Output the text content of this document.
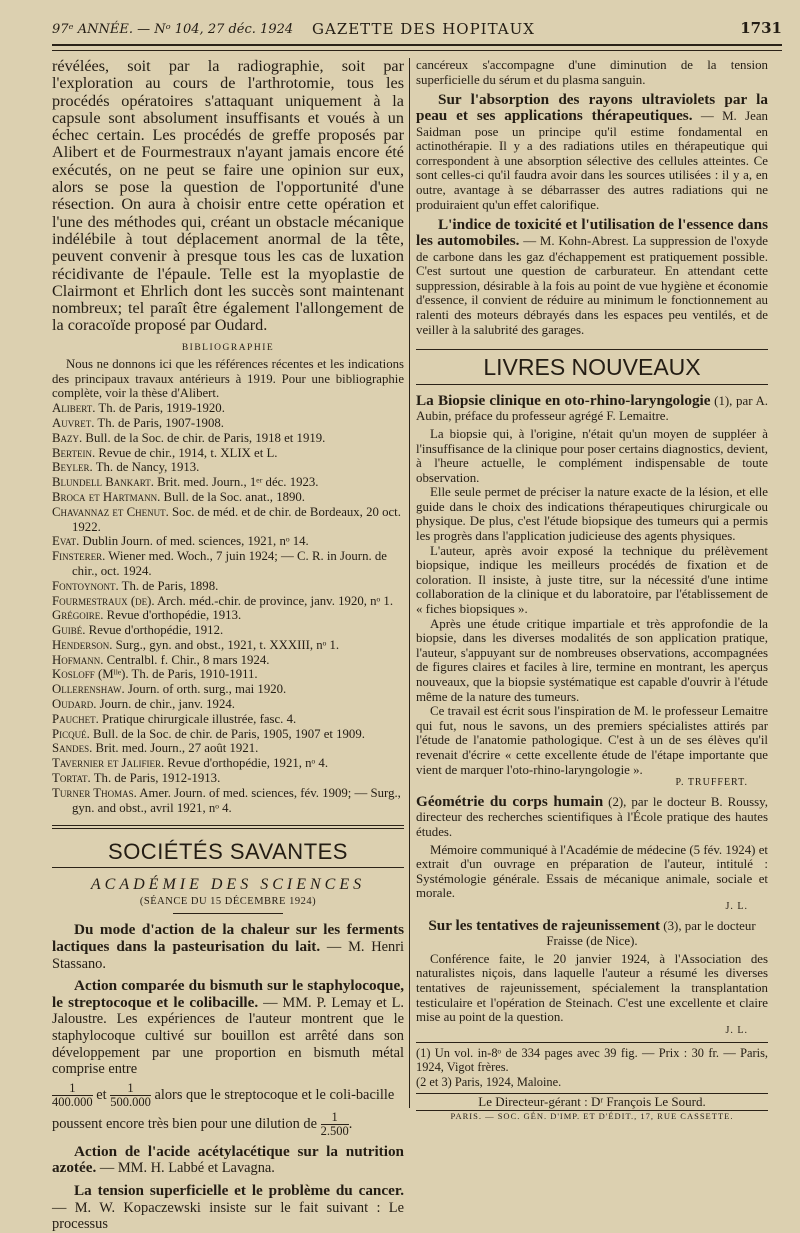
97ᵉ ANNÉE. — Nᵒ 104, 27 déc. 1924 GAZETTE DES HOPITAUX	1731

révélées, soit par la radiographie, soit par l'exploration au cours de l'arthrotomie, tous les procédés opératoires s'attaquant uniquement à la capsule sont absolument insuffisants et voués à un échec certain. Les procédés de greffe proposés par Alibert et de Fourmestraux n'ayant jamais encore été exécutés, on ne peut se faire une opinion sur eux, alors se pose la question de l'opportunité d'une résection. On aura à choisir entre cette opération et l'une des méthodes qui, créant un obstacle mécanique indélébile à tout déplacement anormal de la tête, peuvent convenir à presque tous les cas de luxation récidivante de l'épaule. Telle est la myoplastie de Clairmont et Ehrlich dont les succès sont maintenant nombreux; tel paraît être également l'allongement de la coracoïde proposé par Oudard.

BIBLIOGRAPHIE

Nous ne donnons ici que les références récentes et les indications des principaux travaux antérieurs à 1919. Pour une bibliographie complète, voir la thèse d'Alibert.

Alibert. Th. de Paris, 1919-1920.
Auvret. Th. de Paris, 1907-1908.
Bazy. Bull. de la Soc. de chir. de Paris, 1918 et 1919.
Bertein. Revue de chir., 1914, t. XLIX et L.
Beyler. Th. de Nancy, 1913.
Blundell Bankart. Brit. med. Journ., 1ᵉʳ déc. 1923.
Broca et Hartmann. Bull. de la Soc. anat., 1890.
Chavannaz et Chenut. Soc. de méd. et de chir. de Bordeaux, 20 oct. 1922.
Evat. Dublin Journ. of med. sciences, 1921, nᵒ 14.
Finsterer. Wiener med. Woch., 7 juin 1924; — C. R. in Journ. de chir., oct. 1924.
Fontoynont. Th. de Paris, 1898.
Fourmestraux (de). Arch. méd.-chir. de province, janv. 1920, nᵒ 1.
Grégoire. Revue d'orthopédie, 1913.
Guibé. Revue d'orthopédie, 1912.
Henderson. Surg., gyn. and obst., 1921, t. XXXIII, nᵒ 1.
Hofmann. Centralbl. f. Chir., 8 mars 1924.
Kosloff (Mˡˡᵉ). Th. de Paris, 1910-1911.
Ollerenshaw. Journ. of orth. surg., mai 1920.
Oudard. Journ. de chir., janv. 1924.
Pauchet. Pratique chirurgicale illustrée, fasc. 4.
Picqué. Bull. de la Soc. de chir. de Paris, 1905, 1907 et 1909.
Sandes. Brit. med. Journ., 27 août 1921.
Tavernier et Jalifier. Revue d'orthopédie, 1921, nᵒ 4.
Tortat. Th. de Paris, 1912-1913.
Turner Thomas. Amer. Journ. of med. sciences, fév. 1909; — Surg., gyn. and obst., avril 1921, nᵒ 4.
SOCIÉTÉS SAVANTES
ACADÉMIE DES SCIENCES
(SÉANCE DU 15 DÉCEMBRE 1924)

Du mode d'action de la chaleur sur les ferments lactiques dans la pasteurisation du lait. — M. Henri Stassano.

Action comparée du bismuth sur le staphylocoque, le streptocoque et le colibacille. — MM. P. Lemay et L. Jaloustre. Les expériences de l'auteur montrent que le staphylocoque cultivé sur bouillon est arrêté dans son développement par une proportion en bismuth métal comprise entre

$\frac{1}{400.000}$ et $\frac{1}{500.000}$ alors que le streptocoque et le coli-bacille

poussent encore très bien pour une dilution de $\frac{1}{2.500}$ .

Action de l'acide acétylacétique sur la nutrition azotée. — MM. H. Labbé et Lavagna.

La tension superficielle et le problème du cancer. — M. W. Kopaczewski insiste sur le fait suivant : Le processus

cancéreux s'accompagne d'une diminution de la tension superficielle du sérum et du plasma sanguin.

Sur l'absorption des rayons ultraviolets par la peau et ses applications thérapeutiques. — M. Jean Saidman pose un principe qu'il estime fondamental en actinothérapie. Il y a des radiations utiles en thérapeutique qui correspondent à une absorption sélective des cellules atteintes. Ce sont celles-ci qu'il faudra avoir dans les sources utilisées : il y a, en outre, avantage à se débarrasser des autres radiations qui ne produiraient qu'un effet calorifique.

L'indice de toxicité et l'utilisation de l'essence dans les automobiles. — M. Kohn-Abrest. La suppression de l'oxyde de carbone dans les gaz d'échappement est pratiquement possible. C'est surtout une question de carburateur. En attendant cette suppression, désirable à la fois au point de vue hygiène et économie d'essence, il convient de réduire au minimum le fonctionnement au ralenti des moteurs débrayés dans les espaces peu ventilés, et de veiller à la salubrité des garages.

LIVRES NOUVEAUX

La Biopsie clinique en oto-rhino-laryngologie (1), par A. Aubin, préface du professeur agrégé F. Lemaitre.

La biopsie qui, à l'origine, n'était qu'un moyen de suppléer à l'insuffisance de la clinique pour poser certains diagnostics, devient, à l'heure actuelle, le complément indispensable de toute observation.

Elle seule permet de préciser la nature exacte de la lésion, et elle guide dans le choix des indications thérapeutiques chirurgicale ou physique. De plus, c'est l'étude biopsique des tumeurs qui a permis les progrès dans l'application judicieuse des agents physiques.

L'auteur, après avoir exposé la technique du prélèvement biopsique, indique les meilleurs procédés de fixation et de coloration. Il insiste, à juste titre, sur la nécessité d'une intime collaboration de la clinique et du laboratoire, par l'établissement de « fiches biopsiques ».

Après une étude critique impartiale et très approfondie de la biopsie, dans les diverses modalités de son application pratique, l'auteur, s'appuyant sur de nombreuses observations, accompagnées de figures claires et faciles à lire, termine en montrant, les aperçus nouveaux, que la biopsie systématique est capable d'ouvrir à l'étude même de la nature des tumeurs.

Ce travail est écrit sous l'inspiration de M. le professeur Lemaitre qui fut, nous le savons, un des premiers spécialistes attirés par l'étude de l'anatomie pathologique. C'est à un de ses élèves qu'il revenait d'écrire « cette excellente étude de l'étape importante que vient de marquer l'oto-rhino-laryngologie ».

P. TRUFFERT.

Géométrie du corps humain (2), par le docteur B. Roussy, directeur des recherches scientifiques à l'École pratique des hautes études.

Mémoire communiqué à l'Académie de médecine (5 fév. 1924) et extrait d'un ouvrage en préparation de l'auteur, intitulé : Systémologie générale. Essais de mécanique animale, sociale et morale.

J. L.

Sur les tentatives de rajeunissement (3), par le docteur Fraisse (de Nice).

Conférence faite, le 20 janvier 1924, à l'Association des naturalistes niçois, dans laquelle l'auteur a résumé les diverses tentatives de rajeunissement, spécialement la transplantation testiculaire et l'opération de Steinach. C'est une excellente et claire mise au point de la question.

J. L.

(1) Un vol. in-8ᵒ de 334 pages avec 39 fig. — Prix : 30 fr. — Paris, 1924, Vigot frères.

(2 et 3) Paris, 1924, Maloine.

Le Directeur-gérant : Dʳ François Le Sourd.
PARIS. — SOC. GÉN. D'IMP. ET D'ÉDIT., 17, RUE CASSETTE.
